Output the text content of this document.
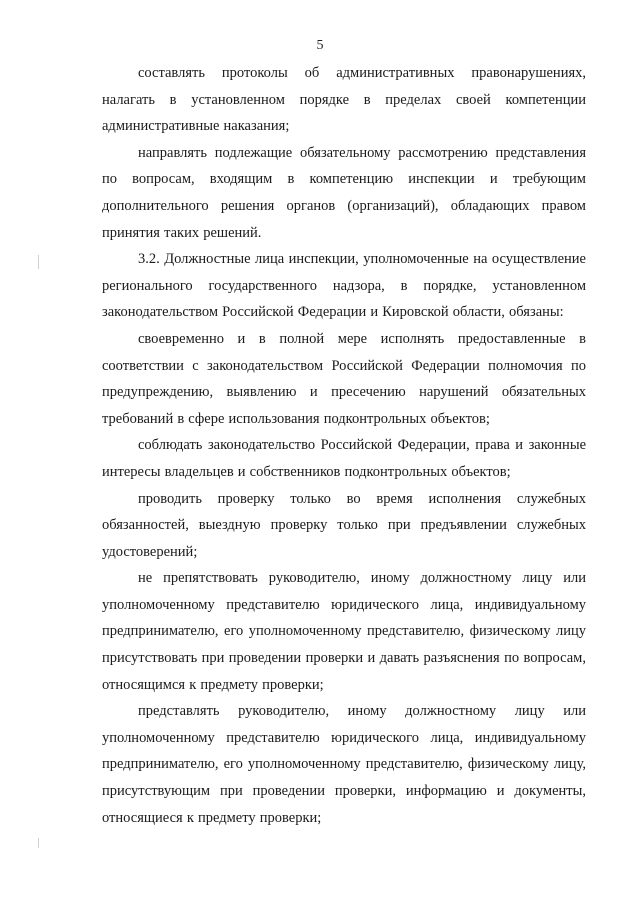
5

составлять протоколы об административных правонарушениях, налагать в установленном порядке в пределах своей компетенции административные наказания;

направлять подлежащие обязательному рассмотрению представления по вопросам, входящим в компетенцию инспекции и требующим дополнительного решения органов (организаций), обладающих правом принятия таких решений.

3.2. Должностные лица инспекции, уполномоченные на осуществление регионального государственного надзора, в порядке, установленном законодательством Российской Федерации и Кировской области, обязаны:

своевременно и в полной мере исполнять предоставленные в соответствии с законодательством Российской Федерации полномочия по предупреждению, выявлению и пресечению нарушений обязательных требований в сфере использования подконтрольных объектов;

соблюдать законодательство Российской Федерации, права и законные интересы владельцев и собственников подконтрольных объектов;

проводить проверку только во время исполнения служебных обязанностей, выездную проверку только при предъявлении служебных удостоверений;

не препятствовать руководителю, иному должностному лицу или уполномоченному представителю юридического лица, индивидуальному предпринимателю, его уполномоченному представителю, физическому лицу присутствовать при проведении проверки и давать разъяснения по вопросам, относящимся к предмету проверки;

представлять руководителю, иному должностному лицу или уполномоченному представителю юридического лица, индивидуальному предпринимателю, его уполномоченному представителю, физическому лицу, присутствующим при проведении проверки, информацию и документы, относящиеся к предмету проверки;
